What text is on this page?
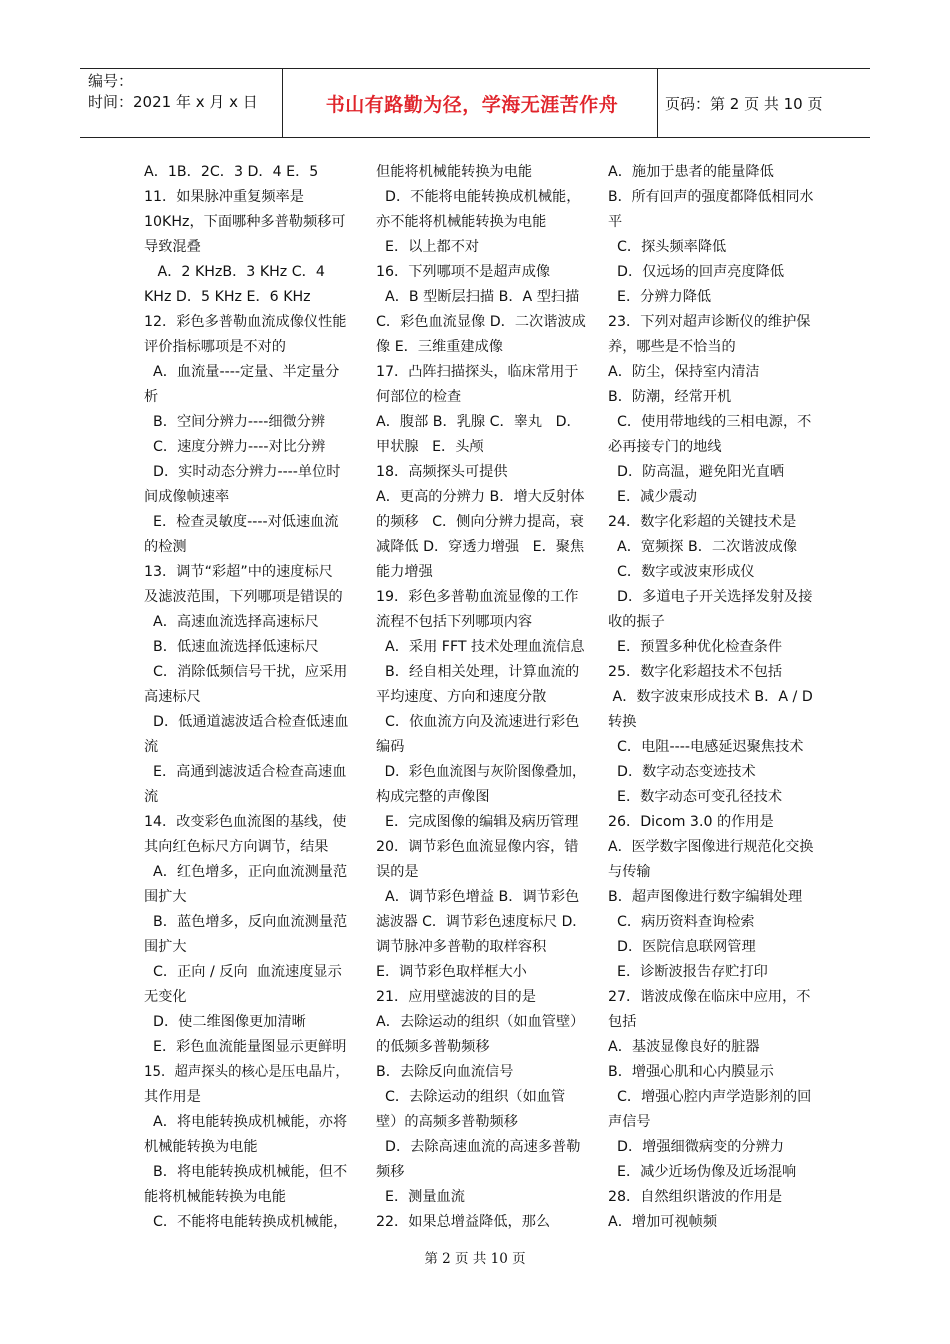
编号：
时间：2021 年 x 月 x 日	书山有路勤为径，学海无涯苦作舟	页码：第 2 页 共 10 页
A．1B．2C．3 D．4 E．5
11．如果脉冲重复频率是
10KHz，下面哪种多普勒频移可
导致混叠
A．2 KHzB．3 KHz C．4
KHz D．5 KHz E．6 KHz
12．彩色多普勒血流成像仪性能
评价指标哪项是不对的
A．血流量----定量、半定量分
析
B．空间分辨力----细微分辨
C．速度分辨力----对比分辨
D．实时动态分辨力----单位时
间成像帧速率
E．检查灵敏度----对低速血流
的检测
13．调节“彩超”中的速度标尺
及滤波范围，下列哪项是错误的
A．高速血流选择高速标尺
B．低速血流选择低速标尺
C．消除低频信号干扰，应采用
高速标尺
D．低通道滤波适合检查低速血
流
E．高通到滤波适合检查高速血
流
14．改变彩色血流图的基线，使
其向红色标尺方向调节，结果
A．红色增多，正向血流测量范
围扩大
B．蓝色增多，反向血流测量范
围扩大
C．正向 / 反向  血流速度显示
无变化
D．使二维图像更加清晰
E．彩色血流能量图显示更鲜明
15．超声探头的核心是压电晶片，
其作用是
A．将电能转换成机械能，亦将
机械能转换为电能
B．将电能转换成机械能，但不
能将机械能转换为电能
C．不能将电能转换成机械能，
但能将机械能转换为电能
D．不能将电能转换成机械能，
亦不能将机械能转换为电能
E．以上都不对
16．下列哪项不是超声成像
A．B 型断层扫描 B．A 型扫描
C．彩色血流显像 D．二次谐波成
像 E．三维重建成像
17．凸阵扫描探头，临床常用于
何部位的检查
A．腹部 B．乳腺 C．睾丸   D．
甲状腺   E．头颅
18．高频探头可提供
A．更高的分辨力 B．增大反射体
的频移   C．侧向分辨力提高，衰
减降低 D．穿透力增强   E．聚焦
能力增强
19．彩色多普勒血流显像的工作
流程不包括下列哪项内容
A．采用 FFT 技术处理血流信息
B．经自相关处理，计算血流的
平均速度、方向和速度分散
C．依血流方向及流速进行彩色
编码
D．彩色血流图与灰阶图像叠加，
构成完整的声像图
E．完成图像的编辑及病历管理
20．调节彩色血流显像内容，错
误的是
A．调节彩色增益 B．调节彩色
滤波器 C．调节彩色速度标尺 D．
调节脉冲多普勒的取样容积
E．调节彩色取样框大小
21．应用壁滤波的目的是
A．去除运动的组织（如血管壁）
的低频多普勒频移
B．去除反向血流信号
C．去除运动的组织（如血管
壁）的高频多普勒频移
D．去除高速血流的高速多普勒
频移
E．测量血流
22．如果总增益降低，那么
A．施加于患者的能量降低
B．所有回声的强度都降低相同水
平
C．探头频率降低
D．仅远场的回声亮度降低
E．分辨力降低
23．下列对超声诊断仪的维护保
养，哪些是不恰当的
A．防尘，保持室内清洁
B．防潮，经常开机
C．使用带地线的三相电源，不
必再接专门的地线
D．防高温，避免阳光直晒
E．减少震动
24．数字化彩超的关键技术是
A．宽频探 B．二次谐波成像
C．数字或波束形成仪
D．多道电子开关选择发射及接
收的振子
E．预置多种优化检查条件
25．数字化彩超技术不包括
A．数字波束形成技术 B．A / D
转换
C．电阻----电感延迟聚焦技术
D．数字动态变迹技术
E．数字动态可变孔径技术
26．Dicom 3.0 的作用是
A．医学数字图像进行规范化交换
与传输
B．超声图像进行数字编辑处理
C．病历资料查询检索
D．医院信息联网管理
E．诊断波报告存贮打印
27．谐波成像在临床中应用，不
包括
A．基波显像良好的脏器
B．增强心肌和心内膜显示
C．增强心腔内声学造影剂的回
声信号
D．增强细微病变的分辨力
E．减少近场伪像及近场混响
28．自然组织谐波的作用是
A．增加可视帧频
第 2 页 共 10 页
